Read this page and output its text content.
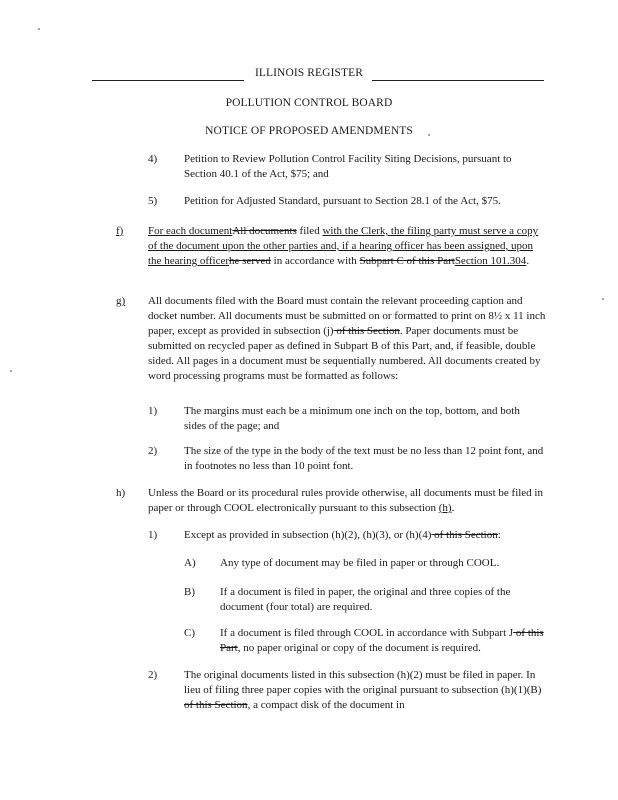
ILLINOIS REGISTER
POLLUTION CONTROL BOARD
NOTICE OF PROPOSED AMENDMENTS
4) Petition to Review Pollution Control Facility Siting Decisions, pursuant to Section 40.1 of the Act, $75; and

5) Petition for Adjusted Standard, pursuant to Section 28.1 of the Act, $75.

f) For each documentAll documents filed with the Clerk, the filing party must serve a copy of the document upon the other parties and, if a hearing officer has been assigned, upon the hearing officerhe served in accordance with Subpart C of this PartSection 101.304.

g) All documents filed with the Board must contain the relevant proceeding caption and docket number. All documents must be submitted on or formatted to print on 8½ x 11 inch paper, except as provided in subsection (j) of this Section. Paper documents must be submitted on recycled paper as defined in Subpart B of this Part, and, if feasible, double sided. All pages in a document must be sequentially numbered. All documents created by word processing programs must be formatted as follows:

1) The margins must each be a minimum one inch on the top, bottom, and both sides of the page; and

2) The size of the type in the body of the text must be no less than 12 point font, and in footnotes no less than 10 point font.

h) Unless the Board or its procedural rules provide otherwise, all documents must be filed in paper or through COOL electronically pursuant to this subsection (h).

1) Except as provided in subsection (h)(2), (h)(3), or (h)(4) of this Section:

A) Any type of document may be filed in paper or through COOL.

B) If a document is filed in paper, the original and three copies of the document (four total) are required.

C) If a document is filed through COOL in accordance with Subpart J of this Part, no paper original or copy of the document is required.

2) The original documents listed in this subsection (h)(2) must be filed in paper. In lieu of filing three paper copies with the original pursuant to subsection (h)(1)(B) of this Section, a compact disk of the document in
